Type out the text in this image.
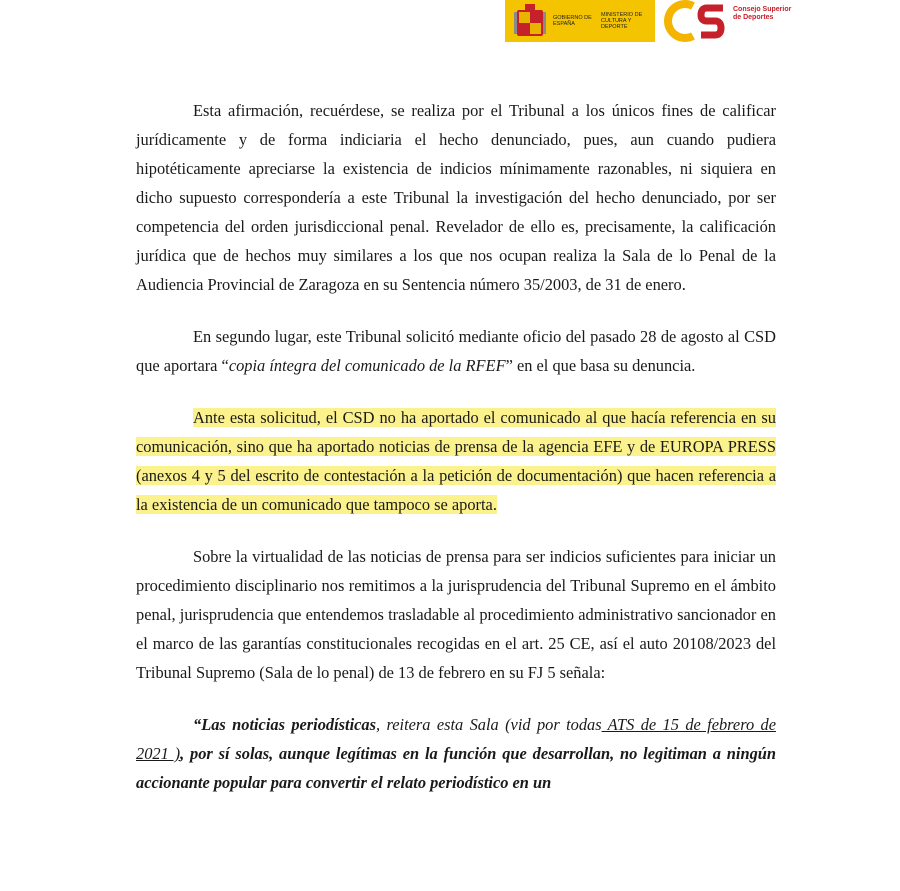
GOBIERNO DE ESPAÑA
MINISTERIO DE CULTURA Y DEPORTE
Consejo Superior de Deportes

Esta afirmación, recuérdese, se realiza por el Tribunal a los únicos fines de calificar jurídicamente y de forma indiciaria el hecho denunciado, pues, aun cuando pudiera hipotéticamente apreciarse la existencia de indicios mínimamente razonables, ni siquiera en dicho supuesto correspondería a este Tribunal la investigación del hecho denunciado, por ser competencia del orden jurisdiccional penal. Revelador de ello es, precisamente, la calificación jurídica que de hechos muy similares a los que nos ocupan realiza la Sala de lo Penal de la Audiencia Provincial de Zaragoza en su Sentencia número 35/2003, de 31 de enero.

En segundo lugar, este Tribunal solicitó mediante oficio del pasado 28 de agosto al CSD que aportara “copia íntegra del comunicado de la RFEF” en el que basa su denuncia.

Ante esta solicitud, el CSD no ha aportado el comunicado al que hacía referencia en su comunicación, sino que ha aportado noticias de prensa de la agencia EFE y de EUROPA PRESS (anexos 4 y 5 del escrito de contestación a la petición de documentación) que hacen referencia a la existencia de un comunicado que tampoco se aporta.

Sobre la virtualidad de las noticias de prensa para ser indicios suficientes para iniciar un procedimiento disciplinario nos remitimos a la jurisprudencia del Tribunal Supremo en el ámbito penal, jurisprudencia que entendemos trasladable al procedimiento administrativo sancionador en el marco de las garantías constitucionales recogidas en el art. 25 CE, así el auto 20108/2023 del Tribunal Supremo (Sala de lo penal) de 13 de febrero en su FJ 5 señala:

“Las noticias periodísticas, reitera esta Sala (vid por todas ATS de 15 de febrero de 2021 ), por sí solas, aunque legítimas en la función que desarrollan, no legitiman a ningún accionante popular para convertir el relato periodístico en un
